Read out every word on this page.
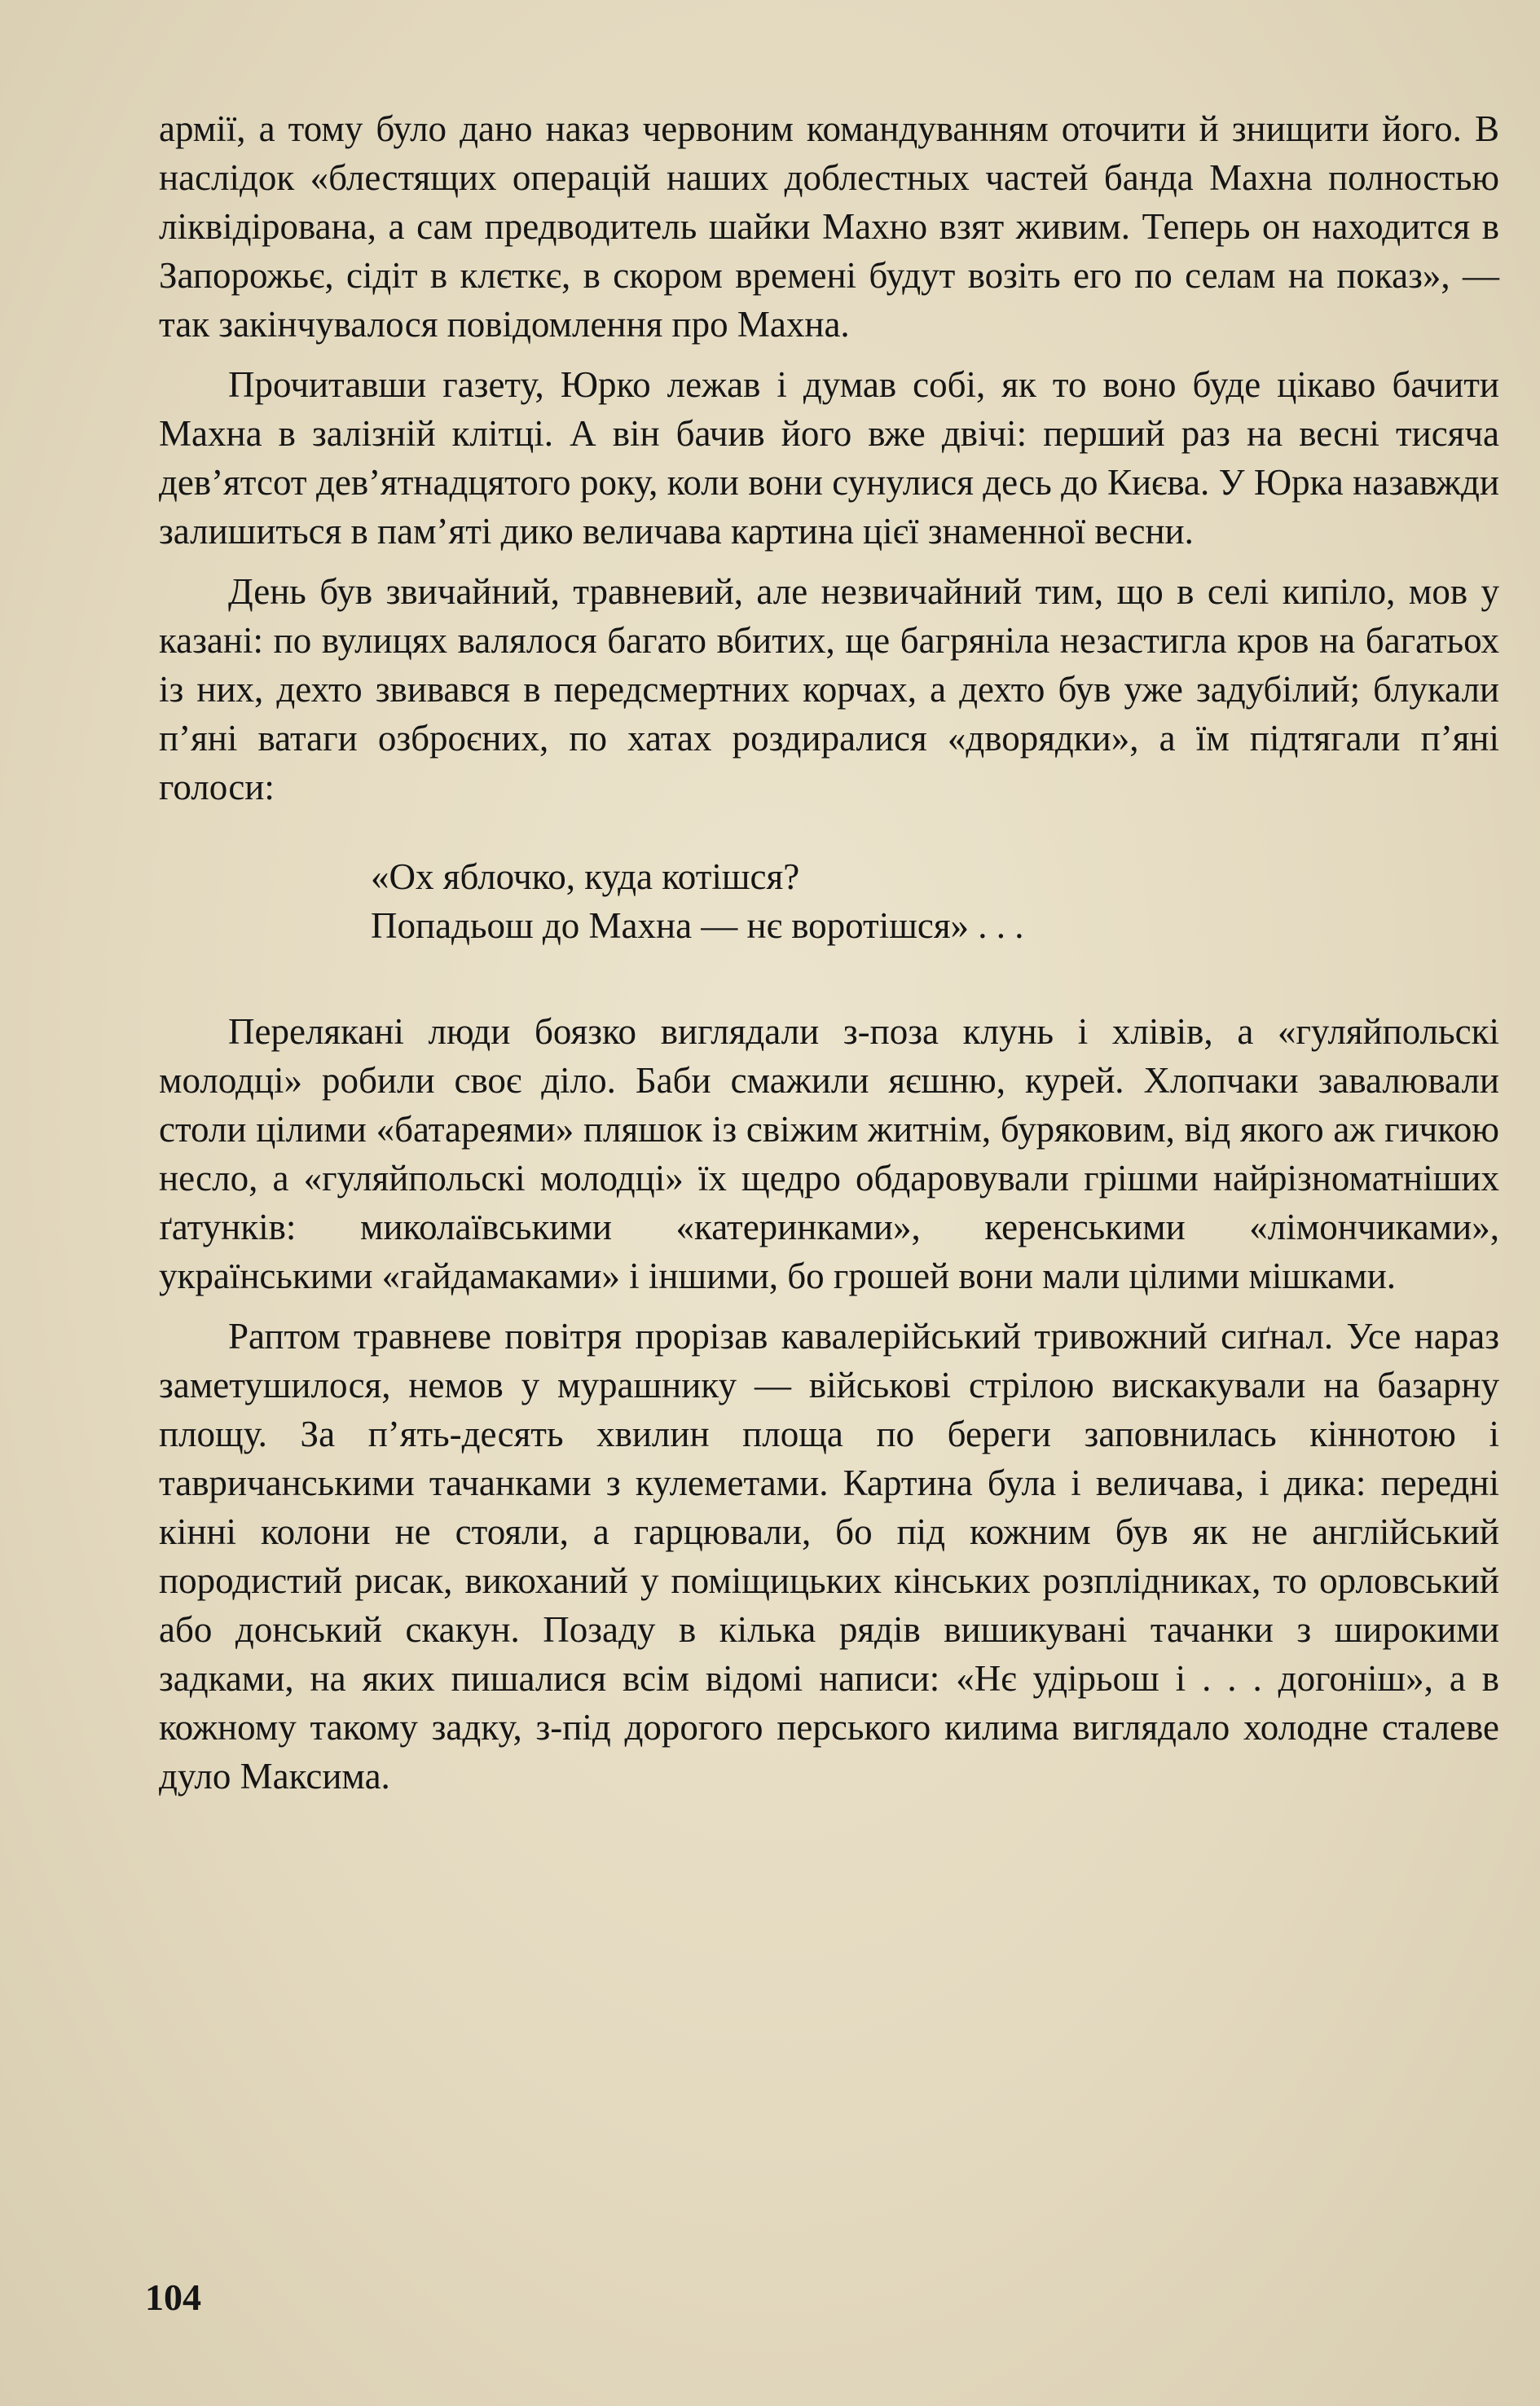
армії, а тому було дано наказ червоним командуванням оточити й знищити його. В наслідок «блестящих операцій наших доблестных частей банда Махна полностью ліквідірована, а сам предводитель шайки Махно взят живим. Теперь он находится в Запорожьє, сідіт в клєткє, в скором времені будут возіть его по селам на показ», — так закінчувалося повідомлення про Махна.

Прочитавши газету, Юрко лежав і думав собі, як то воно буде цікаво бачити Махна в залізній клітці. А він бачив його вже двічі: перший раз на весні тисяча дев’ятсот дев’ятнадцятого року, коли вони сунулися десь до Києва. У Юрка назавжди залишиться в пам’яті дико величава картина цієї знаменної весни.

День був звичайний, травневий, але незвичайний тим, що в селі кипіло, мов у казані: по вулицях валялося багато вбитих, ще багряніла незастигла кров на багатьох із них, дехто звивався в передсмертних корчах, а дехто був уже задубілий; блукали п’яні ватаги озброєних, по хатах роздиралися «дворядки», а їм підтягали п’яні голоси:

«Ох яблочко, куда котішся?
Попадьош до Махна — нє воротішся» . . .

Перелякані люди боязко виглядали з-поза клунь і хлівів, а «гуляйпольскі молодці» робили своє діло. Баби смажили яєшню, курей. Хлопчаки завалювали столи цілими «батареями» пляшок із свіжим житнім, буряковим, від якого аж гичкою несло, а «гуляйпольскі молодці» їх щедро обдаровували грішми найрізноматніших ґатунків: миколаївськими «катеринками», керенськими «лімончиками», українськими «гайдамаками» і іншими, бо грошей вони мали цілими мішками.

Раптом травневе повітря прорізав кавалерійський тривожний сиґнал. Усе нараз заметушилося, немов у мурашнику — військові стрілою вискакували на базарну площу. За п’ять-десять хвилин площа по береги заповнилась кіннотою і тавричанськими тачанками з кулеметами. Картина була і величава, і дика: передні кінні колони не стояли, а гарцювали, бо під кожним був як не англійський породистий рисак, викоханий у поміщицьких кінських розплідниках, то орловський або донський скакун. Позаду в кілька рядів вишикувані тачанки з широкими задками, на яких пишалися всім відомі написи: «Нє удірьош і . . . догоніш», а в кожному такому задку, з-під дорогого перського килима виглядало холодне сталеве дуло Максима.

104
